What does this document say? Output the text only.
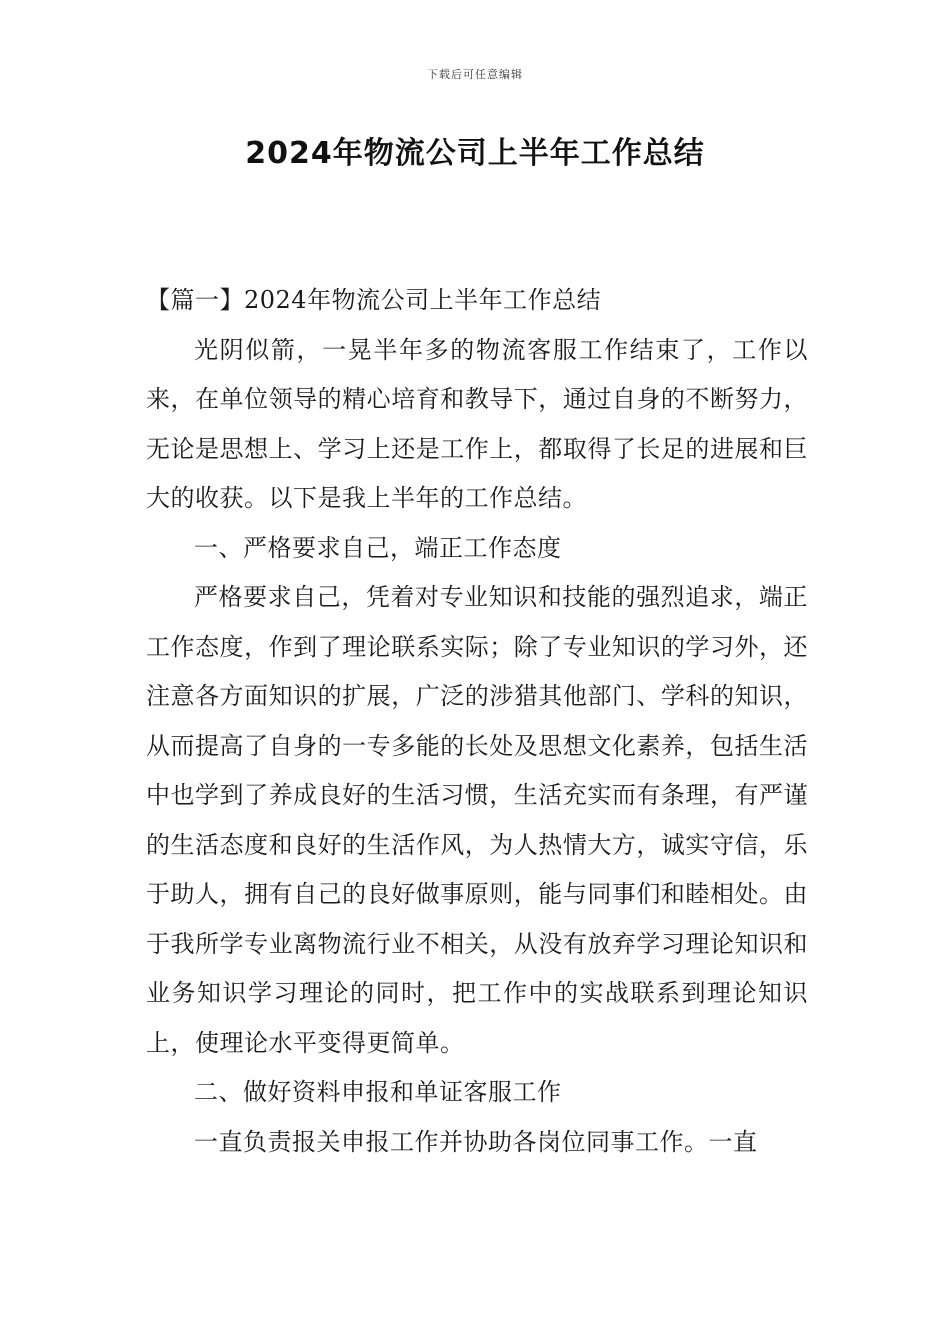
下载后可任意编辑
2024年物流公司上半年工作总结

【篇一】2024年物流公司上半年工作总结

光阴似箭，一晃半年多的物流客服工作结束了，工作以来，在单位领导的精心培育和教导下，通过自身的不断努力，无论是思想上、学习上还是工作上，都取得了长足的进展和巨大的收获。以下是我上半年的工作总结。

一、严格要求自己，端正工作态度

严格要求自己，凭着对专业知识和技能的强烈追求，端正工作态度，作到了理论联系实际；除了专业知识的学习外，还注意各方面知识的扩展，广泛的涉猎其他部门、学科的知识，从而提高了自身的一专多能的长处及思想文化素养，包括生活中也学到了养成良好的生活习惯，生活充实而有条理，有严谨的生活态度和良好的生活作风，为人热情大方，诚实守信，乐于助人，拥有自己的良好做事原则，能与同事们和睦相处。由于我所学专业离物流行业不相关，从没有放弃学习理论知识和业务知识学习理论的同时，把工作中的实战联系到理论知识上，使理论水平变得更简单。

二、做好资料申报和单证客服工作

一直负责报关申报工作并协助各岗位同事工作。一直
